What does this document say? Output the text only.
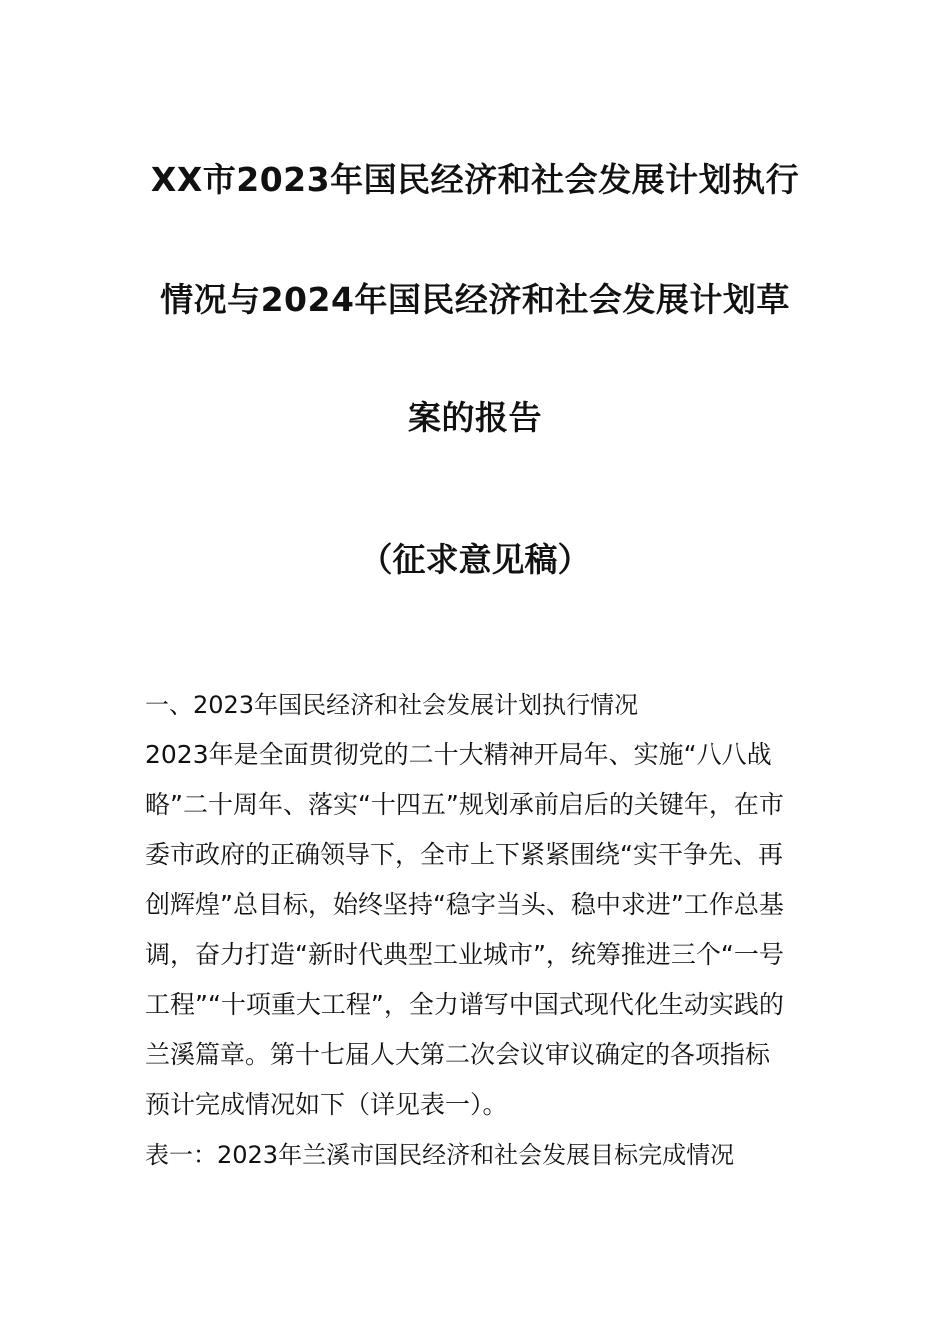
XX市2023年国民经济和社会发展计划执行
情况与2024年国民经济和社会发展计划草
案的报告
（征求意见稿）
一、2023年国民经济和社会发展计划执行情况
2023年是全面贯彻党的二十大精神开局年、实施“八八战
略”二十周年、落实“十四五”规划承前启后的关键年，在市
委市政府的正确领导下，全市上下紧紧围绕“实干争先、再
创辉煌”总目标，始终坚持“稳字当头、稳中求进”工作总基
调，奋力打造“新时代典型工业城市”，统筹推进三个“一号
工程”“十项重大工程”，全力谱写中国式现代化生动实践的
兰溪篇章。第十七届人大第二次会议审议确定的各项指标
预计完成情况如下（详见表一）。
表一：2023年兰溪市国民经济和社会发展目标完成情况
